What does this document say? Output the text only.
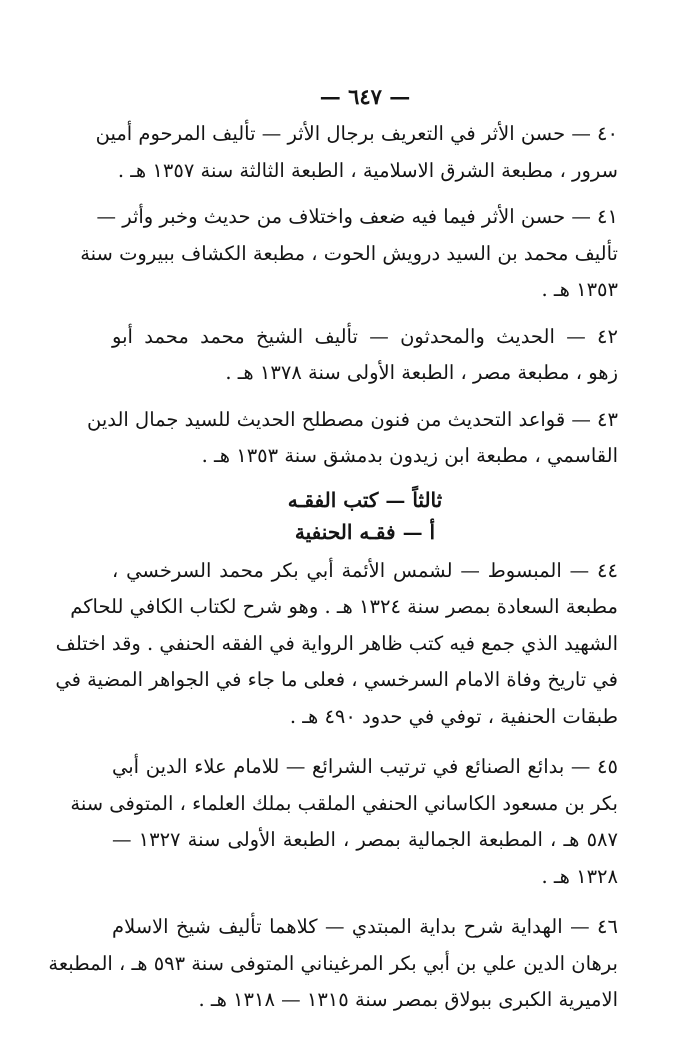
— ٦٤٧ —
٤٠ — حسن الأثر في التعريف برجال الأثر — تأليف المرحوم أمين
سرور ، مطبعة الشرق الاسلامية ، الطبعة الثالثة سنة ١٣٥٧ هـ .
٤١ — حسن الأثر فيما فيه ضعف واختلاف من حديث وخبر وأثر —
تأليف محمد بن السيد درويش الحوت ، مطبعة الكشاف ببيروت سنة
١٣٥٣ هـ .
٤٢ — الحديث والمحدثون — تأليف الشيخ محمد محمد أبو
زهو ، مطبعة مصر ، الطبعة الأولى سنة ١٣٧٨ هـ .
٤٣ — قواعد التحديث من فنون مصطلح الحديث للسيد جمال الدين
القاسمي ، مطبعة ابن زيدون بدمشق سنة ١٣٥٣ هـ .
ثالثاً — كتب الفقـه
أ — فقـه الحنفية
٤٤ — المبسوط — لشمس الأئمة أبي بكر محمد السرخسي ،
مطبعة السعادة بمصر سنة ١٣٢٤ هـ . وهو شرح لكتاب الكافي للحاكم
الشهيد الذي جمع فيه كتب ظاهر الرواية في الفقه الحنفي . وقد اختلف
في تاريخ وفاة الامام السرخسي ، فعلى ما جاء في الجواهر المضية في
طبقات الحنفية ، توفي في حدود ٤٩٠ هـ .
٤٥ — بدائع الصنائع في ترتيب الشرائع — للامام علاء الدين أبي
بكر بن مسعود الكاساني الحنفي الملقب بملك العلماء ، المتوفى سنة
٥٨٧ هـ ، المطبعة الجمالية بمصر ، الطبعة الأولى سنة ١٣٢٧ —
١٣٢٨ هـ .
٤٦ — الهداية شرح بداية المبتدي — كلاهما تأليف شيخ الاسلام
برهان الدين علي بن أبي بكر المرغيناني المتوفى سنة ٥٩٣ هـ ، المطبعة
الاميرية الكبرى ببولاق بمصر سنة ١٣١٥ — ١٣١٨ هـ .
